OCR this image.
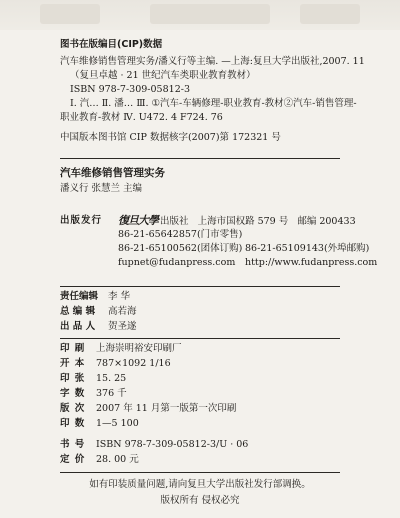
图书在版编目(CIP)数据
汽车维修销售管理实务/潘义行等主编. —上海:复旦大学出版社,2007. 11
（复旦卓越 · 21 世纪汽车类职业教育教材）
ISBN 978-7-309-05812-3
Ⅰ. 汽… Ⅱ. 潘… Ⅲ. ①汽车-车辆修理-职业教育-教材②汽车-销售管理-
职业教育-教材 Ⅳ. U472. 4 F724. 76
中国版本图书馆 CIP 数据核字(2007)第 172321 号
汽车维修销售管理实务
潘义行 张慧兰 主编
出版发行 復旦大學 出版社 上海市国权路 579 号 邮编 200433
86-21-65642857(门市零售)
86-21-65100562(团体订购) 86-21-65109143(外埠邮购)
fupnet@fudanpress.com http://www.fudanpress.com
责任编辑 李 华
总 编 辑 高若海
出 品 人 贺圣遂
印 刷 上海崇明裕安印刷厂
开 本 787×1092 1/16
印 张 15. 25
字 数 376 千
版 次 2007 年 11 月第一版第一次印刷
印 数 1—5 100
书 号 ISBN 978-7-309-05812-3/U · 06
定 价 28. 00 元
如有印装质量问题,请向复旦大学出版社发行部调换。
版权所有 侵权必究
